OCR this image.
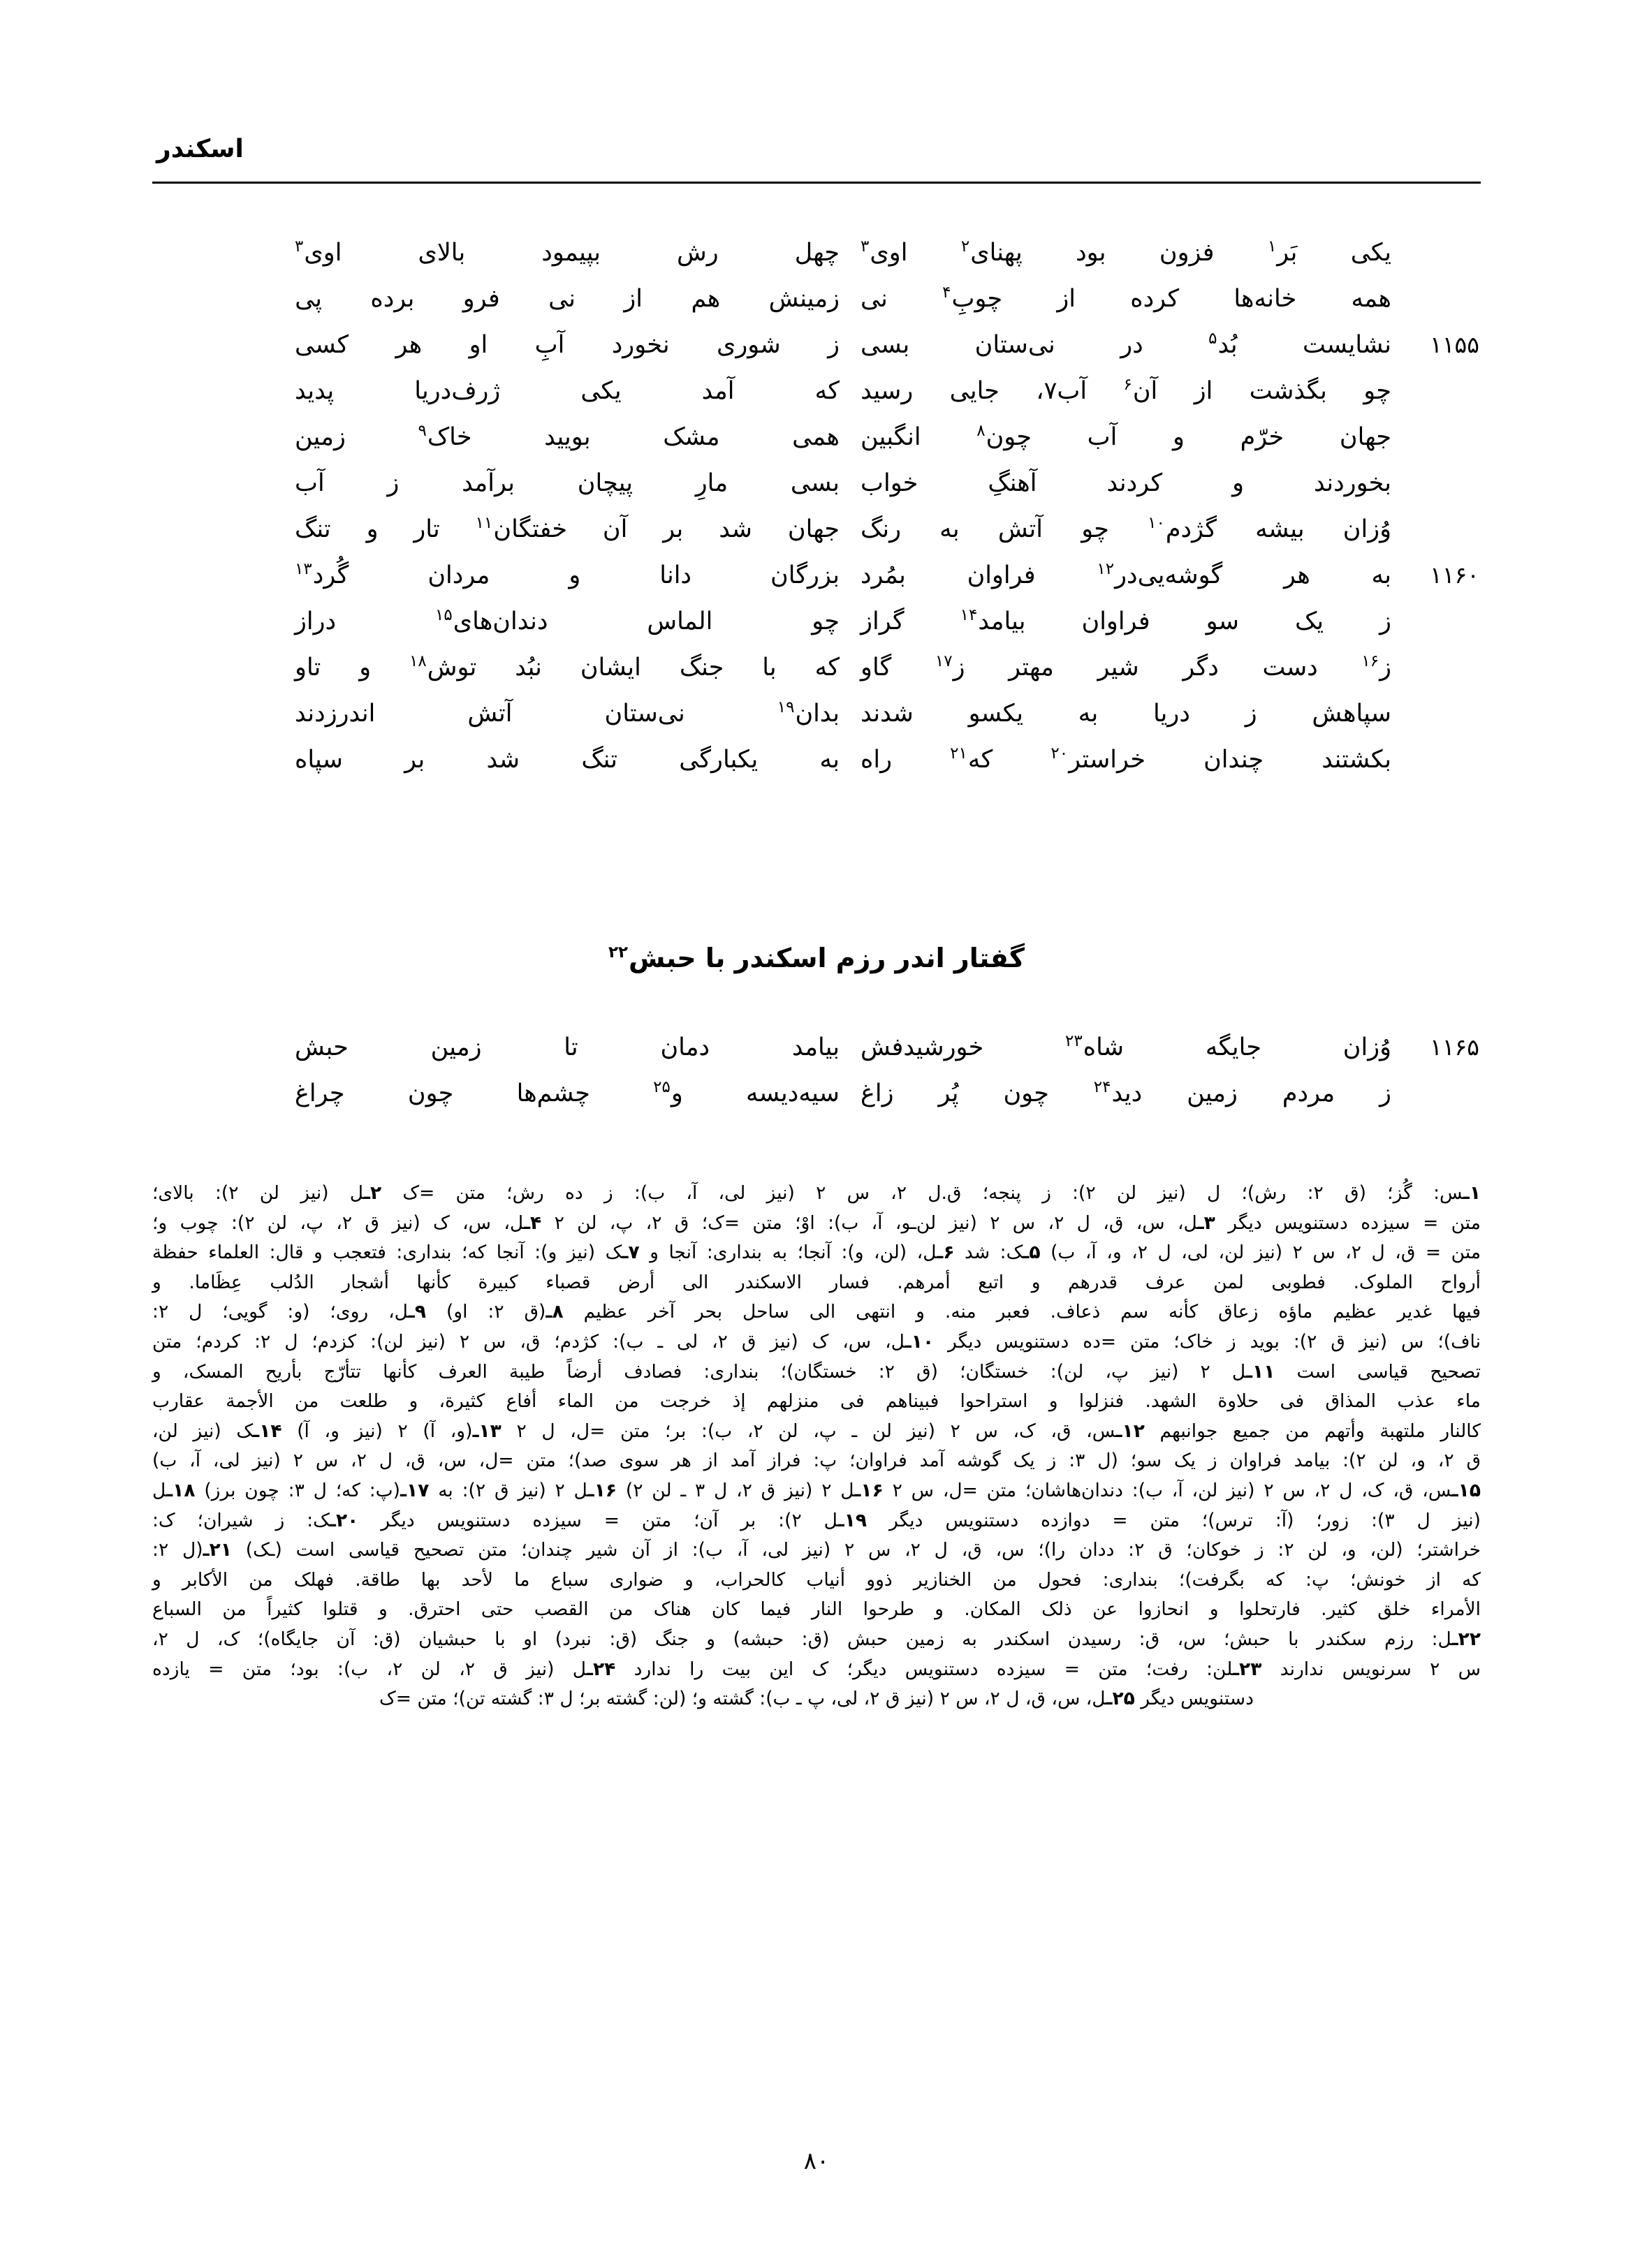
اسکندر
یکی
بَر$^۱$
فزون
بود
پهنای$^۲$
اوی$^۳$
چهل
رش
بپیمود
بالای
اوی$^۳$
همه
خانه‌ها
کرده
از
چوبِ$^۴$
نی
زمینش
هم
از
نی
فرو
برده
پی
۱۱۵۵
نشایست
بُد$^۵$
در
نی‌ستان
بسی
ز
شوری
نخورد
آبِ
او
هر
کسی
چو
بگذشت
از
آن$^۶$
آب‌۷،
جایی
رسید
که
آمد
یکی
ژرف‌دریا
پدید
جهان
خرّم
و
آب
چون$^۸$
انگبین
همی
مشک
بویید
خاک$^۹$
زمین
بخوردند
و
کردند
آهنگِ
خواب
بسی
مارِ
پیچان
برآمد
ز
آب
وُزان
بیشه
گژدم$^{۱۰}$
چو
آتش
به
رنگ
جهان
شد
بر
آن
خفتگان$^{۱۱}$
تار
و
تنگ
۱۱۶۰
به
هر
گوشه‌یی‌در$^{۱۲}$
فراوان
بمُرد
بزرگان
دانا
و
مردان
گُرد$^{۱۳}$
ز
یک
سو
فراوان
بیامد$^{۱۴}$
گراز
چو
الماس
دندان‌های$^{۱۵}$
دراز
ز$^{۱۶}$
دست
دگر
شیر
مهتر
ز$^{۱۷}$
گاو
که
با
جنگ
ایشان
نبُد
توش$^{۱۸}$
و
تاو
سپاهش
ز
دریا
به
یکسو
شدند
بدان$^{۱۹}$
نی‌ستان
آتش
اندرزدند
بکشتند
چندان
خراستر$^{۲۰}$
که$^{۲۱}$
راه
به
یکبارگی
تنگ
شد
بر
سپاه
گفتار اندر رزم اسکندر با حبش$^{۲۲}$
۱۱۶۵
وُزان
جایگه
شاه$^{۲۳}$
خورشیدفش
بیامد
دمان
تا
زمین
حبش
ز
مردم
زمین
دید$^{۲۴}$
چون
پُر
زاغ
سیه‌دیسه
و$^{۲۵}$
چشم‌ها
چون
چراغ

۱ـس: گُز؛ (ق ۲: رش)؛ ل (نیز لن ۲): ز پنجه؛ ق.ل ۲، س ۲ (نیز لی، آ، ب): ز ده رش؛ متن =ک ۲ـل (نیز لن ۲): بالای؛

متن = سیزده دستنویس دیگر ۳ـل، س، ق، ل ۲، س ۲ (نیز لن‌ـو، آ، ب): اوْ؛ متن =ک؛ ق ۲، پ، لن ۲ ۴ـل، س، ک (نیز ق ۲، پ، لن ۲): چوب و؛

متن = ق، ل ۲، س ۲ (نیز لن، لی، ل ۲، و، آ، ب) ۵ـک: شد ۶ـل، (لن، و): آنجا؛ به بنداری: آنجا و ۷ـک (نیز و): آنجا که؛ بنداری: فتعجب و قال: العلماء حفظة

أرواح الملوک. فطوبی لمن عرف قدرهم و اتبع أمرهم. فسار الاسکندر الی أرض قصباء کبیرة کأنها أشجار الدُلب عِظَاما. و

فیها غدیر عظیم ماؤه زعاق کأنه سم ذعاف. فعبر منه. و انتهی الی ساحل بحر آخر عظیم ۸ـ(ق ۲: او) ۹ـل، روی؛ (و: گویی؛ ل ۲:

ناف)؛ س (نیز ق ۲): بوید ز خاک؛ متن =ده دستنویس دیگر ۱۰ـل، س، ک (نیز ق ۲، لی ـ ب): کژدم؛ ق، س ۲ (نیز لن): کزدم؛ ل ۲: کردم؛ متن

تصحیح قیاسی است ۱۱ـل ۲ (نیز پ، لن): خستگان؛ (ق ۲: خستگان)؛ بنداری: فصادف أرضاً طیبة العرف کأنها تتأرّج بأریح المسک، و

ماء عذب المذاق فی حلاوة الشهد. فنزلوا و استراحوا فبیناهم فی منزلهم إذ خرجت من الماء أفاع کثیرة، و طلعت من الأجمة عقارب

کالنار ملتهبة وأتهم من جمیع جوانبهم ۱۲ـس، ق، ک، س ۲ (نیز لن ـ پ، لن ۲، ب): بر؛ متن =ل، ل ۲ ۱۳ـ(و، آ) ۲ (نیز و، آ) ۱۴ـک (نیز لن،

ق ۲، و، لن ۲): بیامد فراوان ز یک سو؛ (ل ۳: ز یک گوشه آمد فراوان؛ پ: فراز آمد از هر سوی صد)؛ متن =ل، س، ق، ل ۲، س ۲ (نیز لی، آ، ب)

۱۵ـس، ق، ک، ل ۲، س ۲ (نیز لن، آ، ب): دندان‌هاشان؛ متن =ل، س ۲ ۱۶ـل ۲ (نیز ق ۲، ل ۳ ـ لن ۲) ۱۶ـل ۲ (نیز ق ۲): به ۱۷ـ(پ: که؛ ل ۳: چون برز) ۱۸ـل

(نیز ل ۳): زور؛ (آ: ترس)؛ متن = دوازده دستنویس دیگر ۱۹ـل ۲): بر آن؛ متن = سیزده دستنویس دیگر ۲۰ـک: ز شیران؛ ک:

خراشتر؛ (لن، و، لن ۲: ز خوکان؛ ق ۲: ددان را)؛ س، ق، ل ۲، س ۲ (نیز لی، آ، ب): از آن شیر چندان؛ متن تصحیح قیاسی است (ـک) ۲۱ـ(ل ۲:

که از خونش؛ پ: که بگرفت)؛ بنداری: فحول من الخنازیر ذوو أنیاب کالحراب، و ضواری سباع ما لأحد بها طاقة. فهلک من الأکابر و

الأمراء خلق کثیر. فارتحلوا و انحازوا عن ذلک المکان. و طرحوا النار فیما کان هناک من القصب حتی احترق. و قتلوا کثیراً من السباع

۲۲ـل: رزم سکندر با حبش؛ س، ق: رسیدن اسکندر به زمین حبش (ق: حبشه) و جنگ (ق: نبرد) او با حبشیان (ق: آن جایگاه)؛ ک، ل ۲،

س ۲ سرنویس ندارند ۲۳ـلن: رفت؛ متن = سیزده دستنویس دیگر؛ ک این بیت را ندارد ۲۴ـل (نیز ق ۲، لن ۲، ب): بود؛ متن = یازده

دستنویس دیگر ۲۵ـل، س، ق، ل ۲، س ۲ (نیز ق ۲، لی، پ ـ ب): گشته و؛ (لن: گشته بر؛ ل ۳: گشته تن)؛ متن =ک

۸۰
